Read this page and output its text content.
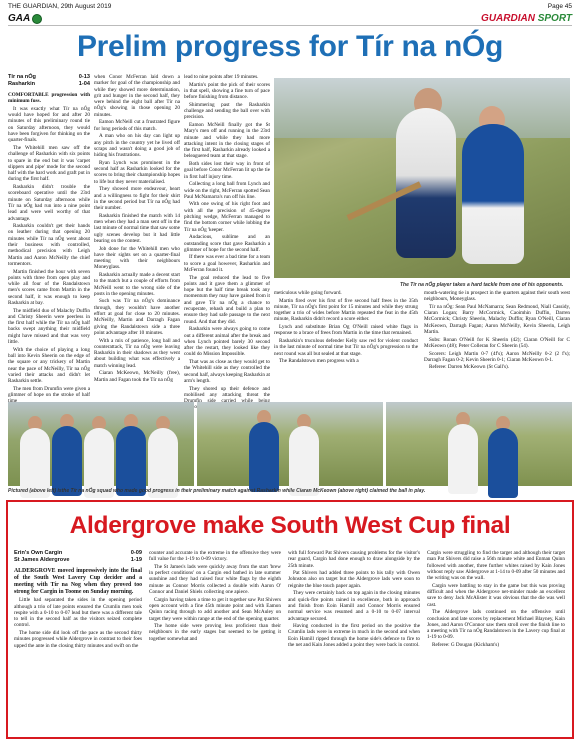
THE GUARDIAN, 29th August 2019	Page 45
GAA	GUARDIAN SPORT
Prelim progress for Tír na nÓg
Tír na nÓg	0-13
Rasharkin	1-04

COMFORTABLE progression with minimum fuss.

It was exactly what Tír na nÓg would have hoped for and after 20 minutes of this preliminary round tie on Saturday afternoon, they would have been forgiven for thinking on the quarter-finals.

The Whitehill men saw off the challenge of Rasharkin with six points to spare in the end but it was 'carpet slippers and pipe' mode for the second half with the hard work and graft put in during the first half.

Rasharkin didn't trouble the scoreboard operative until the 23rd minute on Saturday afternoon while Tír na nÓg had run into a nine point lead and were well worthy of that advantage.

Rasharkin couldn't get their hands on leather during that opening 20 minutes while Tír na nÓg went about their business with controlled, methodical precision with Leigh Martin and Aaron McNeilly the chief tormentors.

Martin finished the hour with seven points with three from open play and while all four of the Randalstown men's scores came from Martin in the second half, it was enough to keep Rasharkin at bay.

The midfield duo of Malachy Duffin and Christy Sheerin were peerless in the first half while the Tír na nÓg half backs swept anything their midfield might have missed and that was very little.

With the choice of playing a long ball into Kevin Sheerin on the edge of the square or any trickery of Martin near the pace of McNeilly, Tír na nÓg varied their attacks and didn't let Rasharkin settle.

The men from Drumfin were given a glimmer of hope on the stroke of half

when Conor McFerran laid down a marker for goal of the championship and while they showed more determination, grit and hunger in the second half, they were behind the eight ball after Tír na nÓg's showing in those opening 20 minutes.

Eamon McNeill cut a frustrated figure for long periods of this match.

A man who on his day can light up any pitch in the country yet he lived off scraps and wasn't doing a good job of hiding his frustrations.

Ryan Lynch was prominent in the second half as Rasharkin looked for the scores to bring their championship hopes to life but they never materialised.

They showed more endeavour, heart and a willingness to fight for their shirt in the second period but Tír na nÓg had their number.

Rasharkin finished the match with 14 men when they had a man sent off in the last minute of normal time that saw some ugly scenes develop but it had little bearing on the contest.

Job done for the Whitehill men who have their sights set on a quarter-final meeting with their neighbours Moneyglass.

Rasharkin actually made a decent start to the match but a couple of efforts from McNeill went to the wrong side of the posts in the opening minutes.

Such was Tír na nÓg's dominance through, they wouldn't have another effort at goal for close to 20 minutes. McNeilly, Martin and Darragh Fagan giving the Randalstown side a three point advantage after 10 minutes.

With a mix of patience, long ball and counterattack, Tír na nÓg were leaving Rasharkin in their shadows as they went about building what was effectively a match winning lead.

Ciaran McKeown, McNeilly (free), Martin and Fagan took the Tír na nÓg

lead to nine points after 19 minutes.

Martin's point the pick of their scores in that spell, showing a fine turn of pace before finishing from distance.

Shimmering past the Rasharkin challenge and sending the ball over with precision.

Eamon McNeill finally got the St Mary's men off and running in the 23rd minute and while they had more attacking intent in the closing stages of the first half, Rasharkin already looked a beleaguered team at that stage.

Both sides lost their way in front of goal before Conor McFerran lit up the tie in first half injury time.

Collecting a long ball from Lynch and wide on the right, McFerran spotted Sean Paul McNamarra's run off his line.

With one swing of his right foot and with all the precision of 45-degree pitching wedge, McFerran managed to find the bottom corner while lobbing the Tír na nÓg 'keeper.

Audacious, sublime and an outstanding score that gave Rasharkin a glimmer of hope for the second half.

If there was ever a bad time for a team to score a goal however, Rasharkin and McFerran found it.

The goal reduced the lead to five points and it gave them a glimmer of hope but the half time break took any momentum they may have gained from it and gave Tír na nÓg a chance to recuperate, rehash and build a plan to ensure they had safe passage to the next round. And that they did.

Rasharkin were always going to come out a different animal after the break and when Lynch pointed barely 30 second after the restart, they looked like they could do Mission Impossible.

That was as close as they would get to the Whitehill side as they controlled the second half, always keeping Rasharkin at arm's length.

They shored up their defence and mobilised any attacking threat the methodical

The Tír na nÓg player takes a hard tackle from one of his opponents.

meticulous while going forward.

Martin fired over his first of five second half frees in the 35th minute, Tír na nÓg's first point for 15 minutes and while they strung together a trio of wides before Martin repeated the feat in the 45th minute, Rasharkin didn't record a score either.

Lynch and substitute Brian Og O'Neill raised white flags in response to a brace of frees from Martin in the time that remained.

Rasharkin's truculous defender Kelly saw red for violent conduct in the last minute of normal time but Tír na nÓg's progression to the next round was all but sealed at that stage.

The Randalstown men progress with a

mouth-watering tie in prospect in the quarters against their south west neighbours, Moneyglass.

Tír na nÓg: Sean Paul McNamarra; Sean Redmond, Niall Cassidy, Ciaran Logan; Barry McCormick, Caoimhin Duffin, Darren McCormick; Christy Sheerin, Malachy Duffin; Ryan O'Neill, Ciaran McKeown, Darragh Fagan; Aaron McNeilly, Kevin Sheerin, Leigh Martin.

Subs: Ronan O'Neill for K Sheerin (42); Ciaran O'Neill for C McKeown (48); Peter Colleran for C Sheerin (54).

Scorers: Leigh Martin 0-7 (4f's); Aaron McNeilly 0-2 (2 f's); Darragh Fagan 0-2; Kevin Sheerin 0-1; Ciaran McKeown 0-1.

Referee: Darren McKeown (St Gall's).

Pictured (above left) isthe Tír na nÓg squad who made good progress in their preliminary match against Rasharkin while Ciaran McKeown (above right) claimed the ball in play.
Aldergrove make South West Cup final
Erin's Own Cargin	0-09
St James Aldergrove	1-19

ALDERGROVE moved impressively into the final of the South West Lavery Cup decider and a meeting with Tír na Nog when they proved too strong for Cargin in Toome on Sunday morning.

Little had separated the sides in the opening period although a trio of late points ensured the Crumlin men took respite with a 0-10 to 0-07 lead but there was a different tale to tell in the second half as the visitors seized complete control.

The home side did look off the pace as the second thirty minutes progressed while Aldergrove in contrast to their foes upped the ante in the closing thirty minutes and swift on the

counter and accurate in the extreme in the offensive they were full value for the 1-19 to 0-09 victory.

The St James's lads were quickly away from the start 'brew in perfect conditions' on a Cargin end bathed in late summer sunshine and they had raised four white flags by the eighth minute as Connor Morris collected a double with Aaron O' Connor and Daniel Shiels collecting one apiece.

Cargin having taken a time to get it together saw Pat Shivers open account with a fine 45th minute point and with Eamon Quinn racing through to add another and Sean McAuley on target they were within range at the end of the opening quarter.

The home side were proving less proficient than their neighbours in the early stages but seemed to be getting it together somewhat and

with full forward Pat Shivers causing problems for the visitor's rear guard, Cargin had done enough to draw alongside by the 25th minute.

Pat Shivers had added three points to his tally with Owen Johnston also on target but the Aldergrove lads were soon to reignite the blue touch paper again.

They were certainly back on top again in the closing minutes and quick-fire points rained in excellence, both in approach and finish from Eoin Hamill and Connor Morris ensured normal service was resumed and a 0-10 to 0-07 interval advantage secured.

Having conducted in the first period on the positive the Crumlin lads were in extreme in much in the second and when Eoin Hamill ripped through the home side's defence to fire to the net and Kain Jones added a point they were back in control.

Cargin were struggling to find the target and although their target man Pat Shivers did raise a 56th minute white and Enman Quinn followed with another, three further whites raised by Kain Jones without reply saw Aldergrove at 1-14 to 0-09 after 50 minutes and the writing was on the wall.

Cargin were battling to stay in the game but this was proving difficult and when the Aldergrove net-minder made an excellent save to deny Jack McAlister it was obvious that the die was well cast.

The Aldergrove lads continued on the offensive until conclusion and late scores by replacement Michael Blayney, Kain Jones, and Aaron O'Connor saw them stroll over the finish line to a meeting with Tír na nÓg Randalstown in the Lavery cup final at 1-19 to 0-09.

Referee: G Dougan (Kickham's)
